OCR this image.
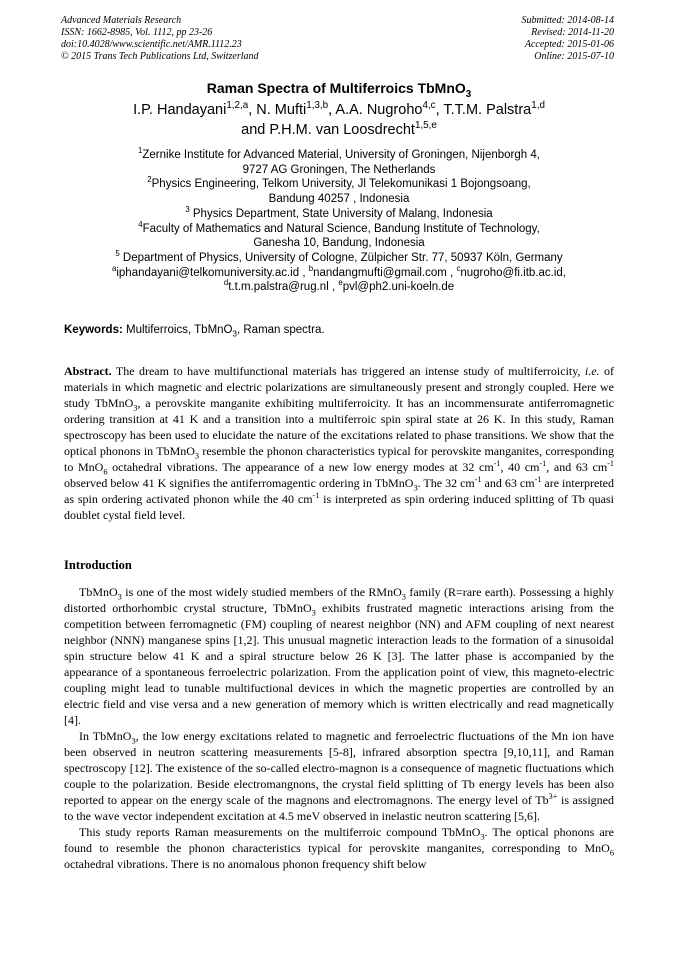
Advanced Materials Research
ISSN: 1662-8985, Vol. 1112, pp 23-26
doi:10.4028/www.scientific.net/AMR.1112.23
© 2015 Trans Tech Publications Ltd, Switzerland
Submitted: 2014-08-14
Revised: 2014-11-20
Accepted: 2015-01-06
Online: 2015-07-10
Raman Spectra of Multiferroics TbMnO$_3$
I.P. Handayani$^{1,2,a}$, N. Mufti$^{1,3,b}$, A.A. Nugroho$^{4,c}$, T.T.M. Palstra$^{1,d}$
and P.H.M. van Loosdrecht$^{1,5,e}$
$^1$Zernike Institute for Advanced Material, University of Groningen, Nijenborgh 4,
9727 AG Groningen, The Netherlands
$^2$Physics Engineering, Telkom University, Jl Telekomunikasi 1 Bojongsoang,
Bandung 40257 , Indonesia
$^3$ Physics Department, State University of Malang, Indonesia
$^4$Faculty of Mathematics and Natural Science, Bandung Institute of Technology,
Ganesha 10, Bandung, Indonesia
$^5$ Department of Physics, University of Cologne, Zülpicher Str. 77, 50937 Köln, Germany
$^a$iphandayani@telkomuniversity.ac.id , $^b$nandangmufti@gmail.com , $^c$nugroho@fi.itb.ac.id,
$^d$t.t.m.palstra@rug.nl , $^e$pvl@ph2.uni-koeln.de
Keywords: Multiferroics, TbMnO$_3$, Raman spectra.
Abstract. The dream to have multifunctional materials has triggered an intense study of multiferroicity, i.e. of materials in which magnetic and electric polarizations are simultaneously present and strongly coupled. Here we study TbMnO$_3$, a perovskite manganite exhibiting multiferroicity. It has an incommensurate antiferromagnetic ordering transition at 41 K and a transition into a multiferroic spin spiral state at 26 K. In this study, Raman spectroscopy has been used to elucidate the nature of the excitations related to phase transitions. We show that the optical phonons in TbMnO$_3$ resemble the phonon characteristics typical for perovskite manganites, corresponding to MnO$_6$ octahedral vibrations. The appearance of a new low energy modes at 32 $cm^{-1}$, 40 $cm^{-1}$, and 63 $cm^{-1}$ observed below 41 K signifies the antiferromagentic ordering in TbMnO$_3$. The 32 $cm^{-1}$ and 63 $cm^{-1}$ are interpreted as spin ordering activated phonon while the 40 $cm^{-1}$ is interpreted as spin ordering induced splitting of Tb quasi doublet cystal field level.
Introduction

TbMnO$_3$ is one of the most widely studied members of the RMnO$_3$ family (R=rare earth). Possessing a highly distorted orthorhombic crystal structure, TbMnO$_3$ exhibits frustrated magnetic interactions arising from the competition between ferromagnetic (FM) coupling of nearest neighbor (NN) and AFM coupling of next nearest neighbor (NNN) manganese spins [1,2]. This unusual magnetic interaction leads to the formation of a sinusoidal spin structure below 41 K and a spiral structure below 26 K [3]. The latter phase is accompanied by the appearance of a spontaneous ferroelectric polarization. From the application point of view, this magneto-electric coupling might lead to tunable multifuctional devices in which the magnetic properties are controlled by an electric field and vise versa and a new generation of memory which is written electrically and read magnetically [4].

In TbMnO$_3$, the low energy excitations related to magnetic and ferroelectric fluctuations of the Mn ion have been observed in neutron scattering measurements [5-8], infrared absorption spectra [9,10,11], and Raman spectroscopy [12]. The existence of the so-called electro-magnon is a consequence of magnetic fluctuations which couple to the polarization. Beside electromangnons, the crystal field splitting of Tb energy levels has been also reported to appear on the energy scale of the magnons and electromagnons. The energy level of $Tb^{3+}$ is assigned to the wave vector independent excitation at 4.5 meV observed in inelastic neutron scattering [5,6].

This study reports Raman measurements on the multiferroic compound TbMnO$_3$. The optical phonons are found to resemble the phonon characteristics typical for perovskite manganites, corresponding to MnO$_6$ octahedral vibrations. There is no anomalous phonon frequency shift below
